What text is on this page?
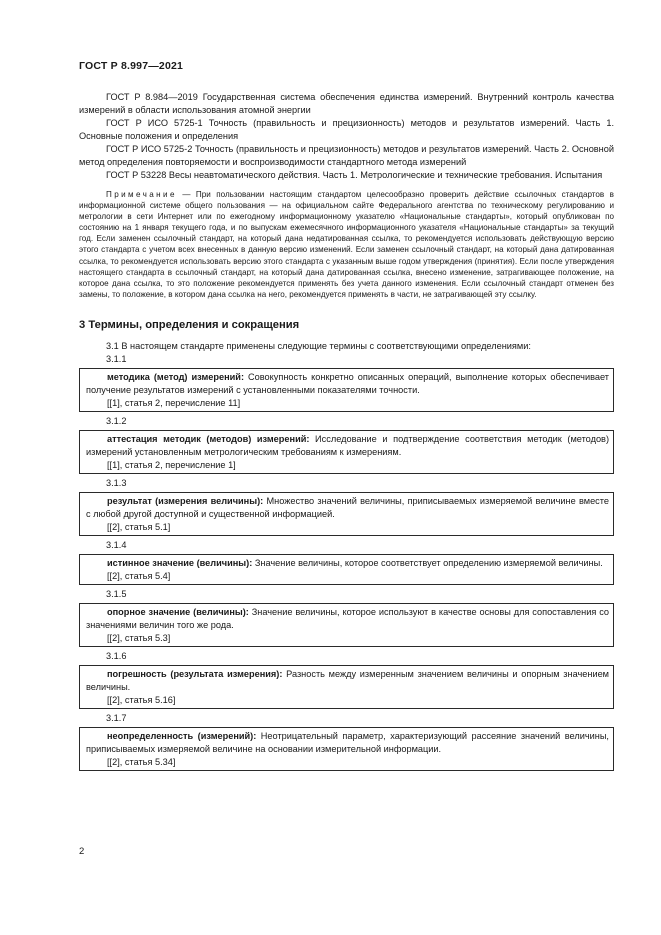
ГОСТ Р 8.997—2021

ГОСТ Р 8.984—2019 Государственная система обеспечения единства измерений. Внутренний контроль качества измерений в области использования атомной энергии

ГОСТ Р ИСО 5725-1 Точность (правильность и прецизионность) методов и результатов измерений. Часть 1. Основные положения и определения

ГОСТ Р ИСО 5725-2 Точность (правильность и прецизионность) методов и результатов измерений. Часть 2. Основной метод определения повторяемости и воспроизводимости стандартного метода измерений

ГОСТ Р 53228 Весы неавтоматического действия. Часть 1. Метрологические и технические требования. Испытания

Примечание — При пользовании настоящим стандартом целесообразно проверить действие ссылочных стандартов в информационной системе общего пользования — на официальном сайте Федерального агентства по техническому регулированию и метрологии в сети Интернет или по ежегодному информационному указателю «Национальные стандарты», который опубликован по состоянию на 1 января текущего года, и по выпускам ежемесячного информационного указателя «Национальные стандарты» за текущий год. Если заменен ссылочный стандарт, на который дана недатированная ссылка, то рекомендуется использовать действующую версию этого стандарта с учетом всех внесенных в данную версию изменений. Если заменен ссылочный стандарт, на который дана датированная ссылка, то рекомендуется использовать версию этого стандарта с указанным выше годом утверждения (принятия). Если после утверждения настоящего стандарта в ссылочный стандарт, на который дана датированная ссылка, внесено изменение, затрагивающее положение, на которое дана ссылка, то это положение рекомендуется применять без учета данного изменения. Если ссылочный стандарт отменен без замены, то положение, в котором дана ссылка на него, рекомендуется применять в части, не затрагивающей эту ссылку.
3 Термины, определения и сокращения

3.1 В настоящем стандарте применены следующие термины с соответствующими определениями:

3.1.1
методика (метод) измерений: Совокупность конкретно описанных операций, выполнение которых обеспечивает получение результатов измерений с установленными показателями точности.
[[1], статья 2, перечисление 11]
3.1.2
аттестация методик (методов) измерений: Исследование и подтверждение соответствия методик (методов) измерений установленным метрологическим требованиям к измерениям.
[[1], статья 2, перечисление 1]
3.1.3
результат (измерения величины): Множество значений величины, приписываемых измеряемой величине вместе с любой другой доступной и существенной информацией.
[[2], статья 5.1]
3.1.4
истинное значение (величины): Значение величины, которое соответствует определению измеряемой величины.
[[2], статья 5.4]
3.1.5
опорное значение (величины): Значение величины, которое используют в качестве основы для сопоставления со значениями величин того же рода.
[[2], статья 5.3]
3.1.6
погрешность (результата измерения): Разность между измеренным значением величины и опорным значением величины.
[[2], статья 5.16]
3.1.7
неопределенность (измерений): Неотрицательный параметр, характеризующий рассеяние значений величины, приписываемых измеряемой величине на основании измерительной информации.
[[2], статья 5.34]
2
